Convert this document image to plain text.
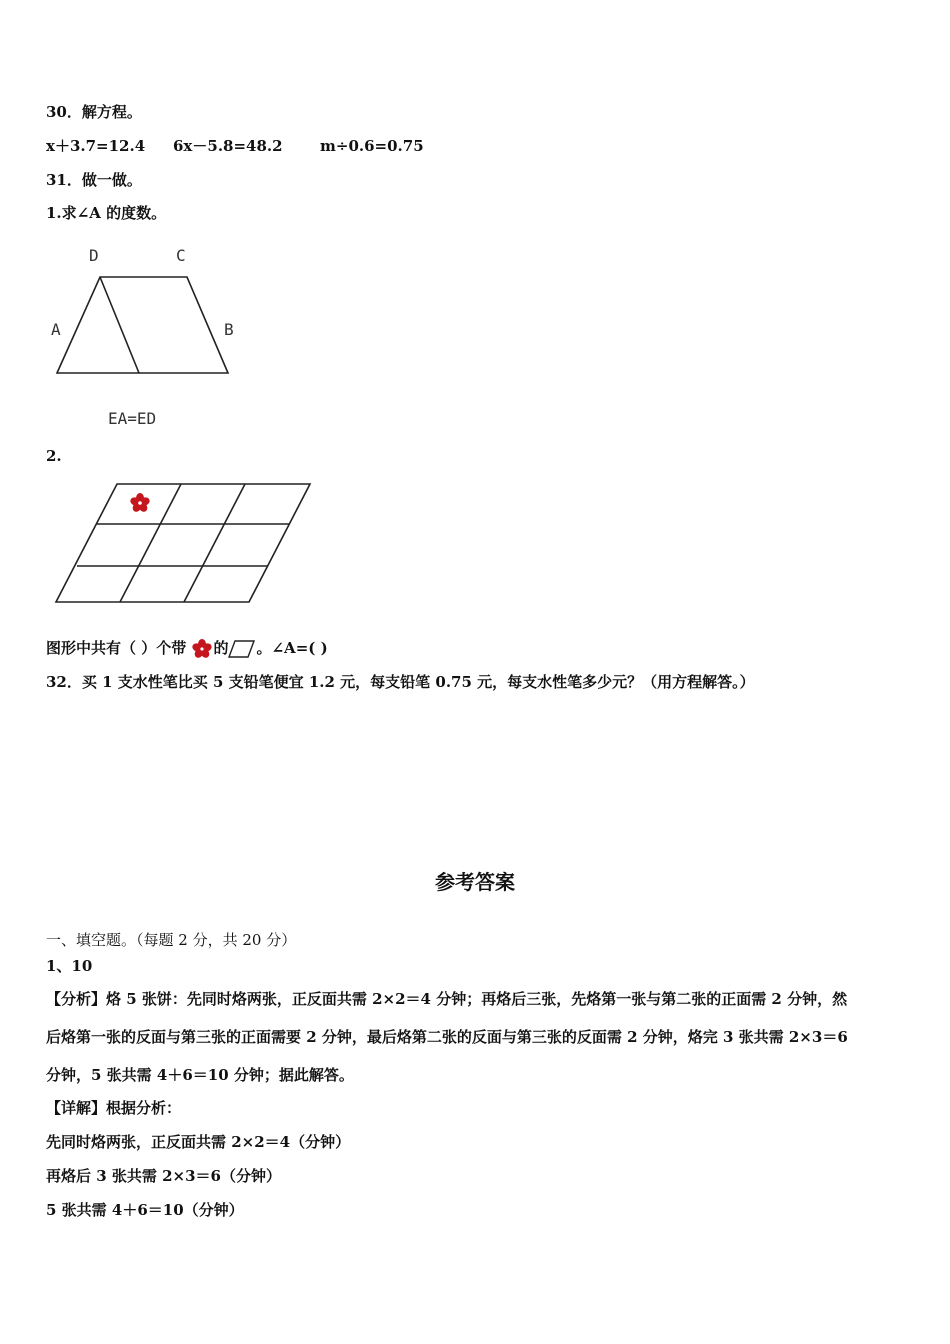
30．解方程。
x＋3.7=12.4 6x－5.8=48.2 m÷0.6=0.75
31．做一做。
1.求∠A 的度数。
D	C
A	B
EA=ED
2.
图形中共有（ ）个带 的 。∠A=( )
32．买 1 支水性笔比买 5 支铅笔便宜 1.2 元，每支铅笔 0.75 元，每支水性笔多少元？（用方程解答。）
参考答案
一、填空题。（每题 2 分，共 20 分）
1、10
【分析】烙 5 张饼：先同时烙两张，正反面共需 2×2＝4 分钟；再烙后三张，先烙第一张与第二张的正面需 2 分钟，然
后烙第一张的反面与第三张的正面需要 2 分钟，最后烙第二张的反面与第三张的反面需 2 分钟，烙完 3 张共需 2×3＝6
分钟，5 张共需 4＋6＝10 分钟；据此解答。
【详解】根据分析：
先同时烙两张，正反面共需 2×2＝4（分钟）
再烙后 3 张共需 2×3＝6（分钟）
5 张共需 4＋6＝10（分钟）
